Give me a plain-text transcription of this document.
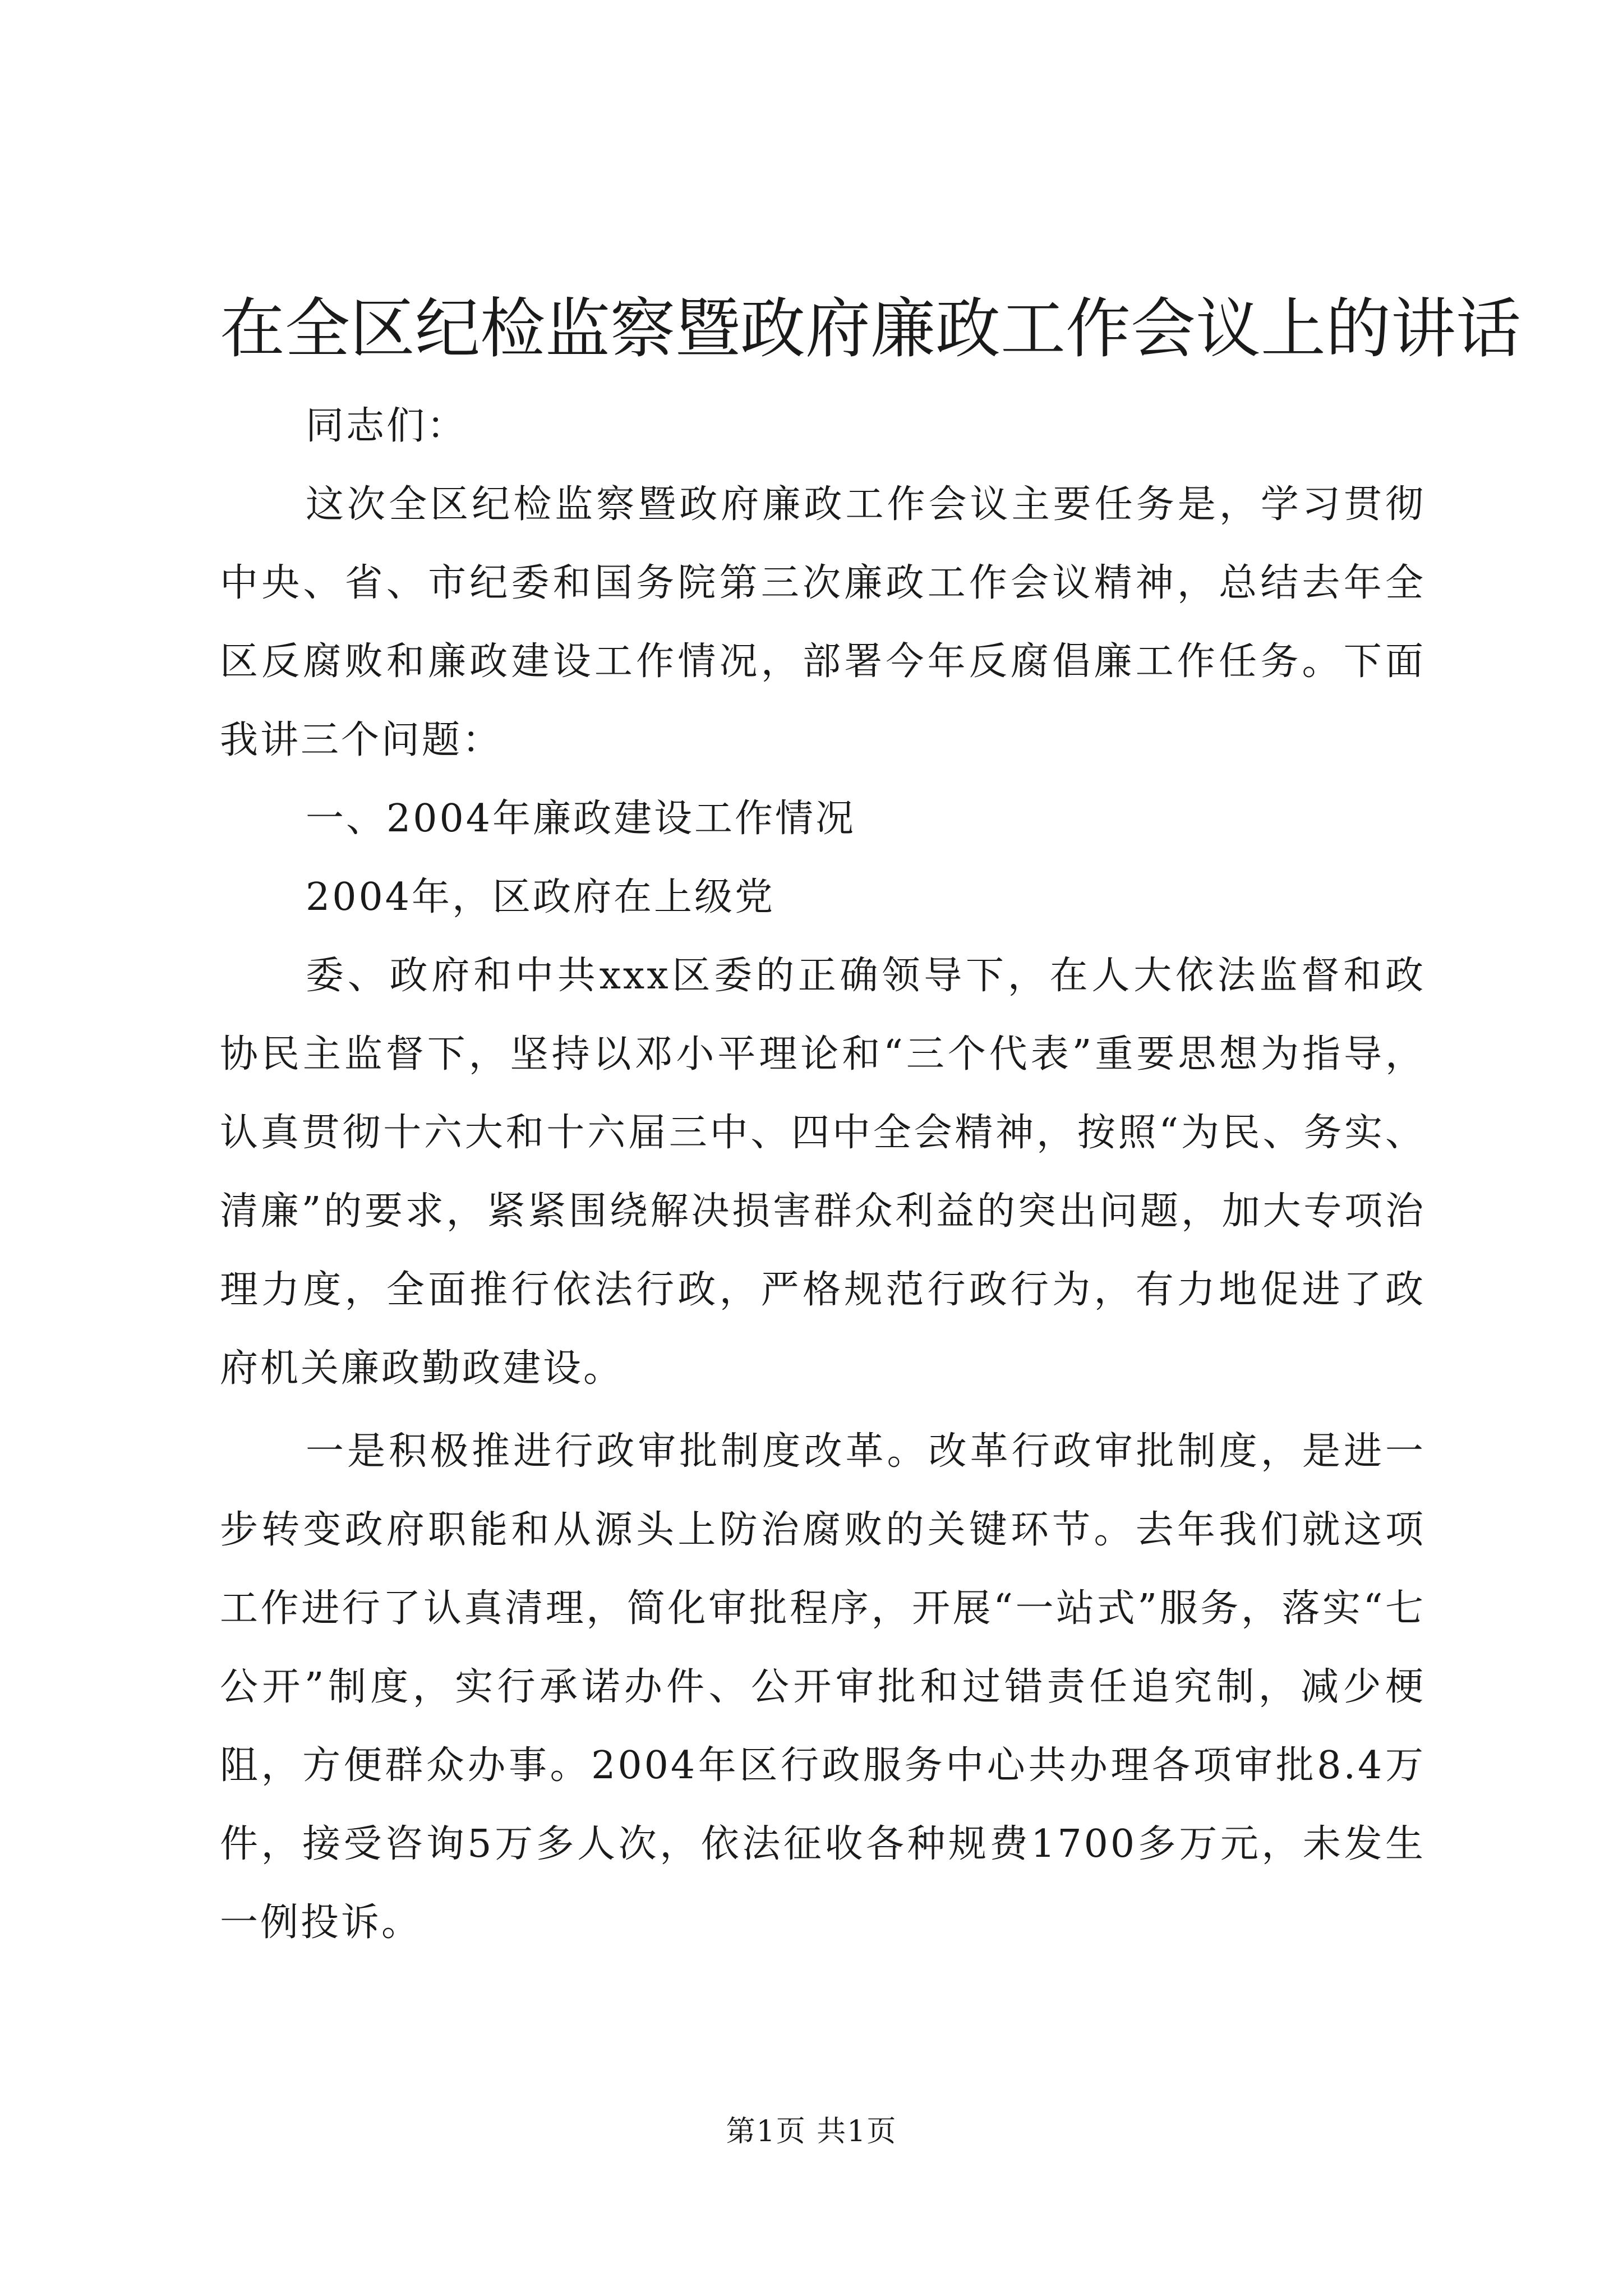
在全区纪检监察暨政府廉政工作会议上的讲话

同志们：

这次全区纪检监察暨政府廉政工作会议主要任务是，学习贯彻中央、省、市纪委和国务院第三次廉政工作会议精神，总结去年全区反腐败和廉政建设工作情况，部署今年反腐倡廉工作任务。下面我讲三个问题：

一、2004年廉政建设工作情况

2004年，区政府在上级党

委、政府和中共xxx区委的正确领导下，在人大依法监督和政协民主监督下，坚持以邓小平理论和“三个代表”重要思想为指导，认真贯彻十六大和十六届三中、四中全会精神，按照“为民、务实、清廉”的要求，紧紧围绕解决损害群众利益的突出问题，加大专项治理力度，全面推行依法行政，严格规范行政行为，有力地促进了政府机关廉政勤政建设。

一是积极推进行政审批制度改革。改革行政审批制度，是进一步转变政府职能和从源头上防治腐败的关键环节。去年我们就这项工作进行了认真清理，简化审批程序，开展“一站式”服务，落实“七公开”制度，实行承诺办件、公开审批和过错责任追究制，减少梗阻，方便群众办事。2004年区行政服务中心共办理各项审批8.4万件，接受咨询5万多人次，依法征收各种规费1700多万元，未发生一例投诉。

第1页 共1页
